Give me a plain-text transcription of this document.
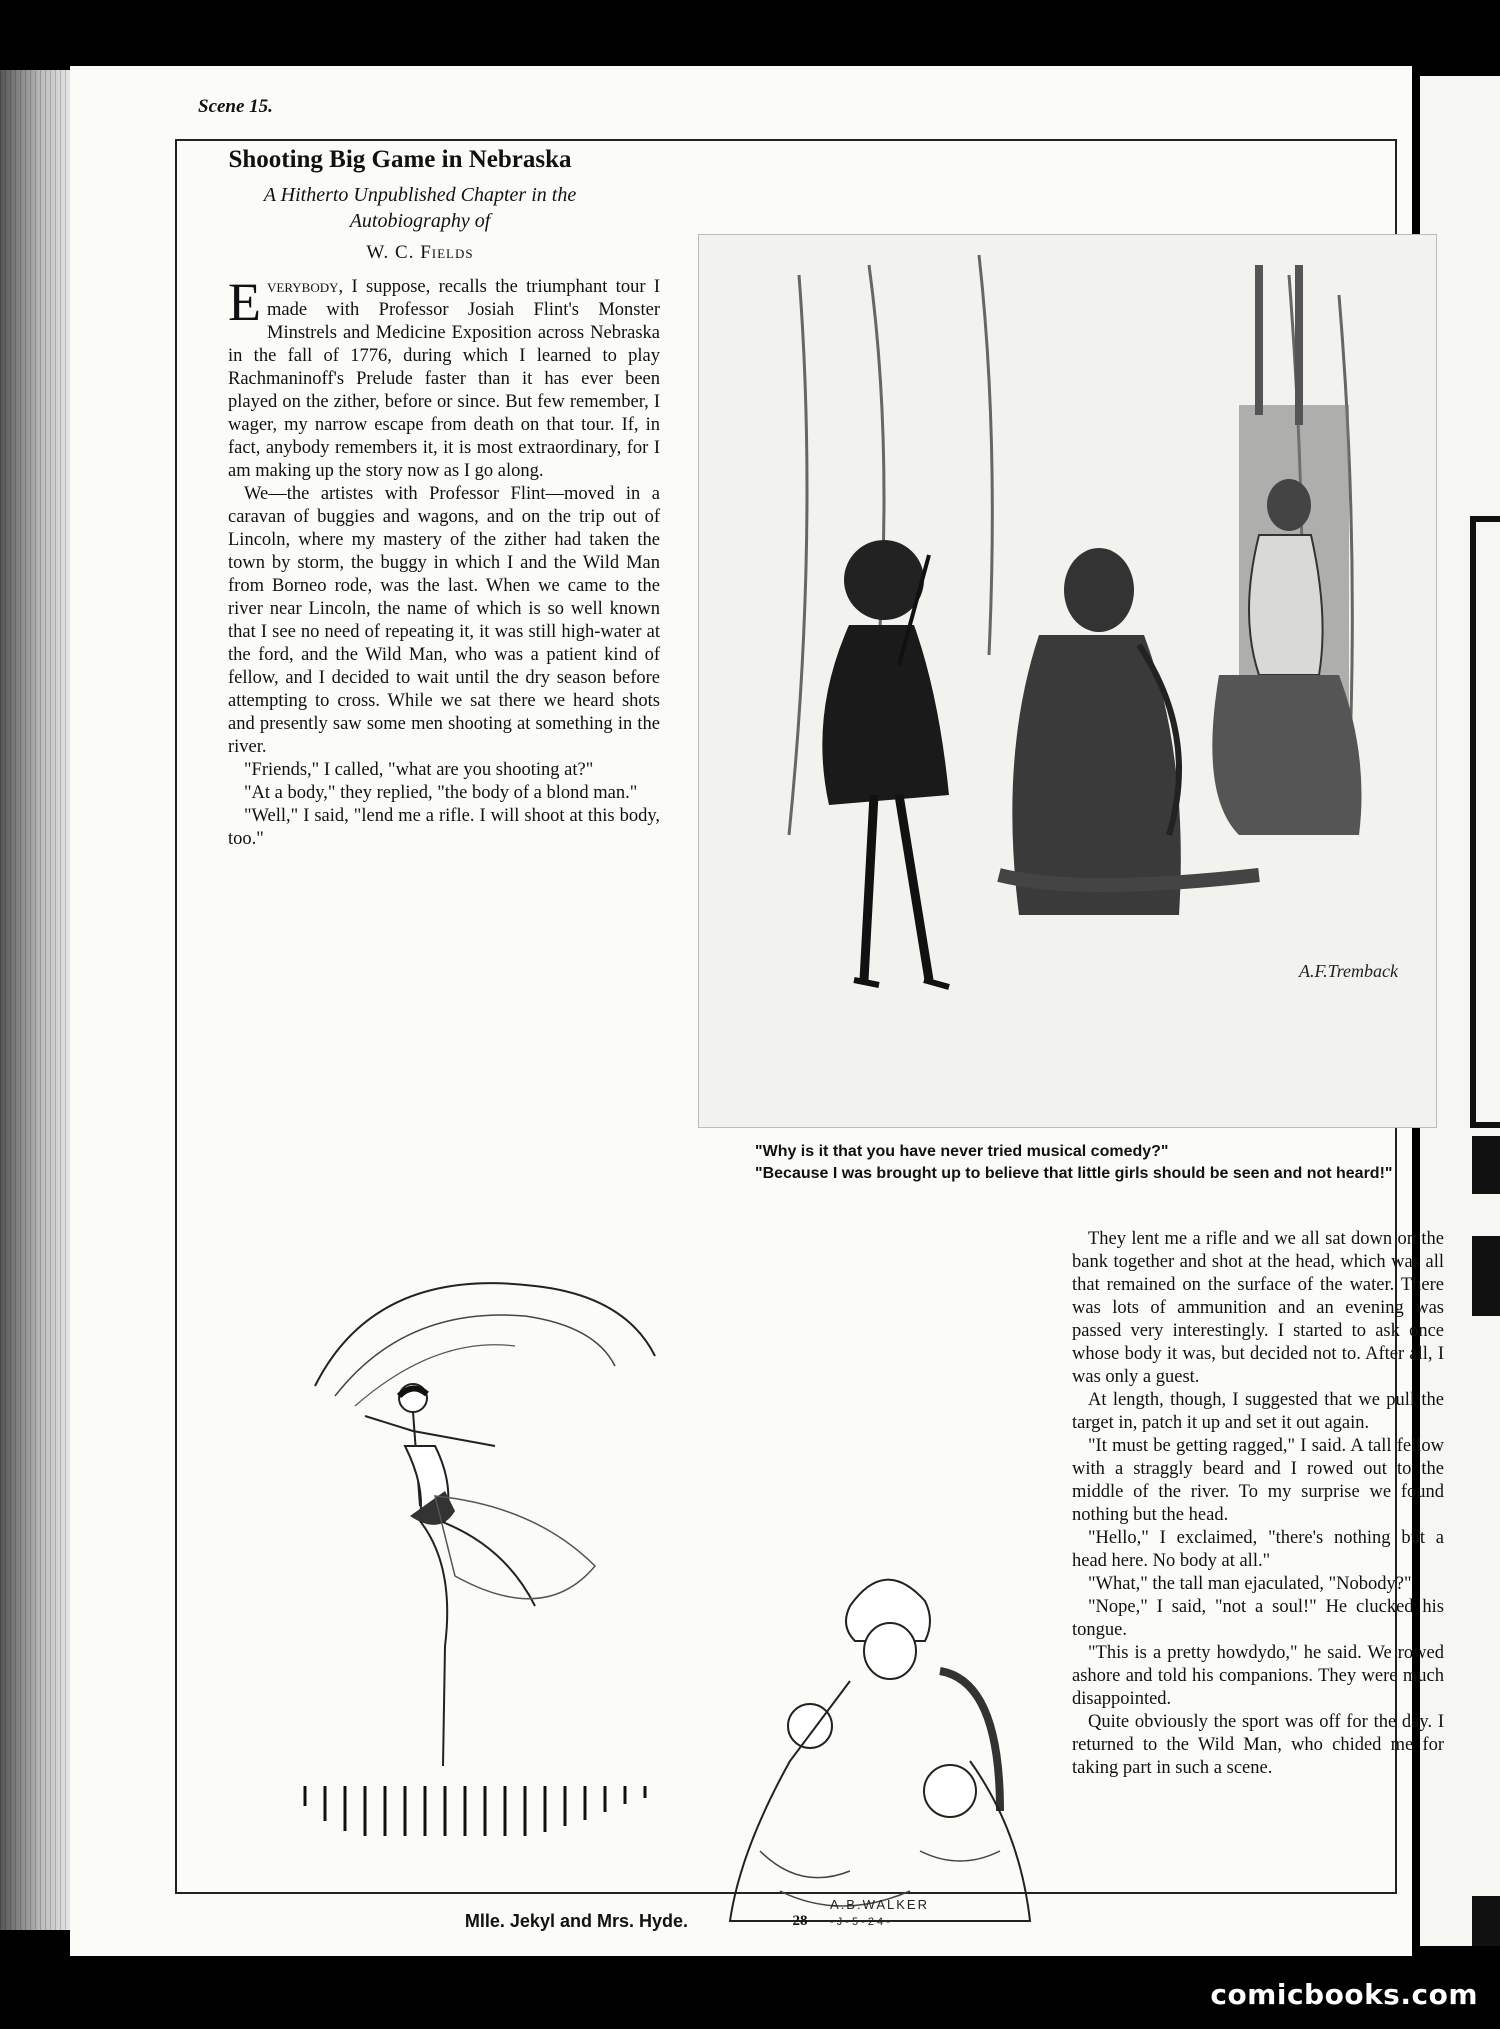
Scene 15.
Shooting Big Game in Nebraska
A Hitherto Unpublished Chapter in the Autobiography of
W. C. Fields

Everybody, I suppose, recalls the triumphant tour I made with Professor Josiah Flint's Monster Minstrels and Medicine Exposition across Nebraska in the fall of 1776, during which I learned to play Rachmaninoff's Prelude faster than it has ever been played on the zither, before or since. But few remember, I wager, my narrow escape from death on that tour. If, in fact, anybody remembers it, it is most extraordinary, for I am making up the story now as I go along.

We—the artistes with Professor Flint—moved in a caravan of buggies and wagons, and on the trip out of Lincoln, where my mastery of the zither had taken the town by storm, the buggy in which I and the Wild Man from Borneo rode, was the last. When we came to the river near Lincoln, the name of which is so well known that I see no need of repeating it, it was still high-water at the ford, and the Wild Man, who was a patient kind of fellow, and I decided to wait until the dry season before attempting to cross. While we sat there we heard shots and presently saw some men shooting at something in the river.

"Friends," I called, "what are you shooting at?"

"At a body," they replied, "the body of a blond man."

"Well," I said, "lend me a rifle. I will shoot at this body, too."

A.F.Tremback
"Why is it that you have never tried musical comedy?"
"Because I was brought up to believe that little girls should be seen and not heard!"
Mlle. Jekyl and Mrs. Hyde.
A.B.WALKER
- J - 5 - 2 4 -

They lent me a rifle and we all sat down on the bank together and shot at the head, which was all that remained on the surface of the water. There was lots of ammunition and an evening was passed very interestingly. I started to ask once whose body it was, but decided not to. After all, I was only a guest.

At length, though, I suggested that we pull the target in, patch it up and set it out again.

"It must be getting ragged," I said. A tall fellow with a straggly beard and I rowed out to the middle of the river. To my surprise we found nothing but the head.

"Hello," I exclaimed, "there's nothing but a head here. No body at all."

"What," the tall man ejaculated, "Nobody?"

"Nope," I said, "not a soul!" He clucked his tongue.

"This is a pretty howdydo," he said. We rowed ashore and told his companions. They were much disappointed.

Quite obviously the sport was off for the day. I returned to the Wild Man, who chided me for taking part in such a scene.

28
comicbooks.com
